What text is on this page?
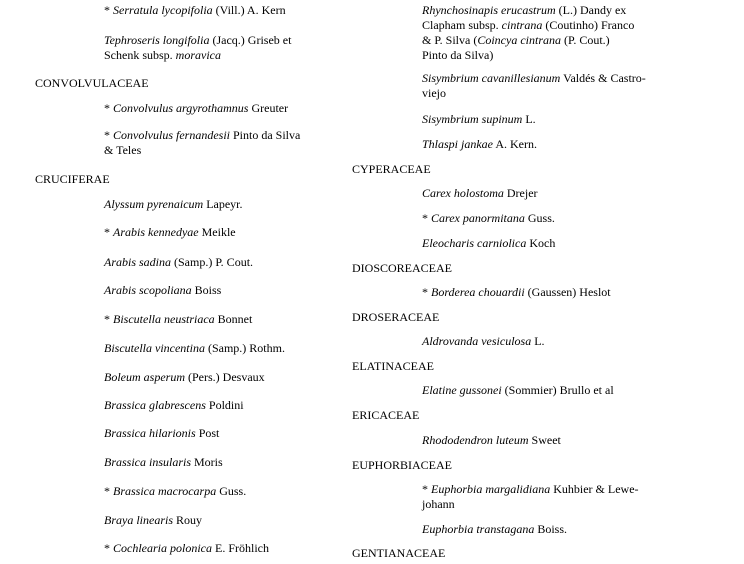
* Serratula lycopifolia (Vill.) A. Kern
Tephroseris longifolia (Jacq.) Griseb et
Schenk subsp. moravica
CONVOLVULACEAE
* Convolvulus argyrothamnus Greuter
* Convolvulus fernandesii Pinto da Silva
& Teles
CRUCIFERAE
Alyssum pyrenaicum Lapeyr.
* Arabis kennedyae Meikle
Arabis sadina (Samp.) P. Cout.
Arabis scopoliana Boiss
* Biscutella neustriaca Bonnet
Biscutella vincentina (Samp.) Rothm.
Boleum asperum (Pers.) Desvaux
Brassica glabrescens Poldini
Brassica hilarionis Post
Brassica insularis Moris
* Brassica macrocarpa Guss.
Braya linearis Rouy
* Cochlearia polonica E. Fröhlich
Rhynchosinapis erucastrum (L.) Dandy ex
Clapham subsp. cintrana (Coutinho) Franco
& P. Silva (Coincya cintrana (P. Cout.)
Pinto da Silva)
Sisymbrium cavanillesianum Valdés & Castro-
viejo
Sisymbrium supinum L.
Thlaspi jankae A. Kern.
CYPERACEAE
Carex holostoma Drejer
* Carex panormitana Guss.
Eleocharis carniolica Koch
DIOSCOREACEAE
* Borderea chouardii (Gaussen) Heslot
DROSERACEAE
Aldrovanda vesiculosa L.
ELATINACEAE
Elatine gussonei (Sommier) Brullo et al
ERICACEAE
Rhododendron luteum Sweet
EUPHORBIACEAE
* Euphorbia margalidiana Kuhbier & Lewe-
johann
Euphorbia transtagana Boiss.
GENTIANACEAE
